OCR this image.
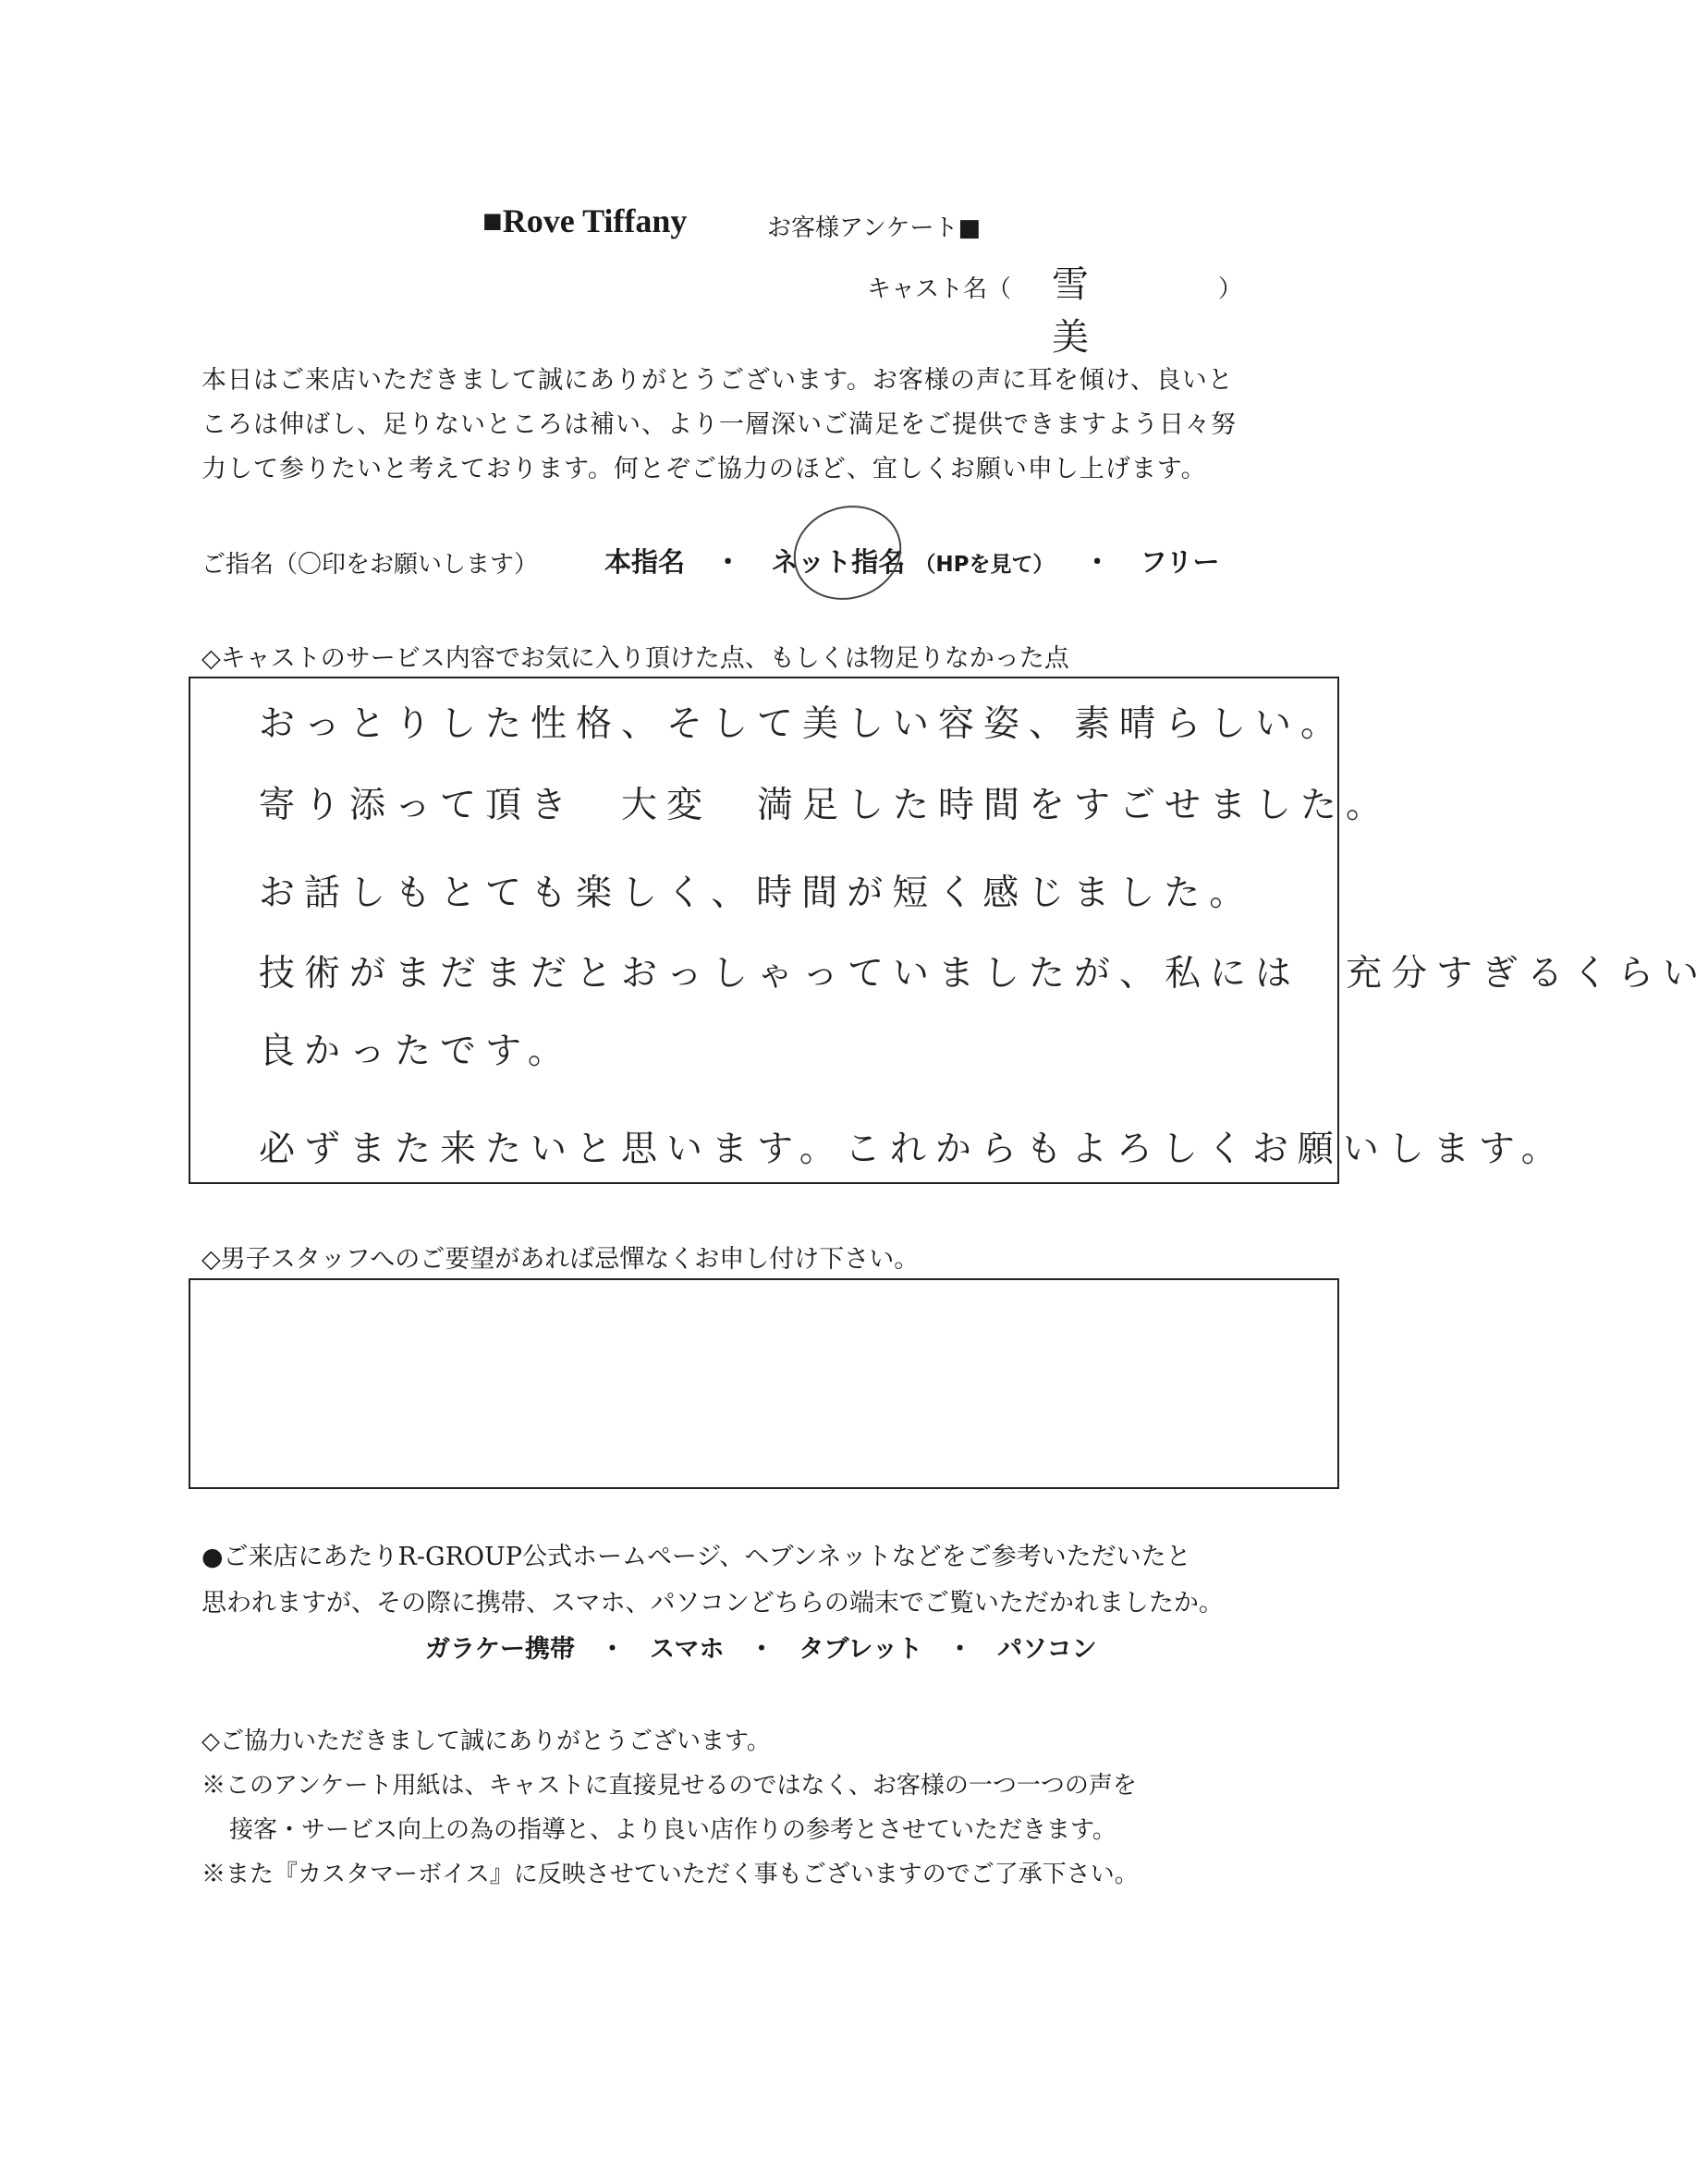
■Rove Tiffany	お客様アンケート■
キャスト名（ 雪美
）
本日はご来店いただきまして誠にありがとうございます。お客様の声に耳を傾け、良いと
ころは伸ばし、足りないところは補い、より一層深いご満足をご提供できますよう日々努
力して参りたいと考えております。何とぞご協力のほど、宜しくお願い申し上げます。
ご指名（〇印をお願いします） 本指名 ・ ネット指名 （HPを見て） ・ フリー
◇キャストのサービス内容でお気に入り頂けた点、もしくは物足りなかった点
おっとりした性格、そして美しい容姿、素晴らしい。
寄り添って頂き　大変　満足した時間をすごせました。
お話しもとても楽しく、時間が短く感じました。
技術がまだまだとおっしゃっていましたが、私には　充分すぎるくらい
良かったです。
必ずまた来たいと思います。これからもよろしくお願いします。
◇男子スタッフへのご要望があれば忌憚なくお申し付け下さい。
●ご来店にあたりR-GROUP公式ホームページ、ヘブンネットなどをご参考いただいたと
思われますが、その際に携帯、スマホ、パソコンどちらの端末でご覧いただかれましたか。
ガラケー携帯　・　スマホ　・　タブレット　・　パソコン
◇ご協力いただきまして誠にありがとうございます。
※このアンケート用紙は、キャストに直接見せるのではなく、お客様の一つ一つの声を
接客・サービス向上の為の指導と、より良い店作りの参考とさせていただきます。
※また『カスタマーボイス』に反映させていただく事もございますのでご了承下さい。
